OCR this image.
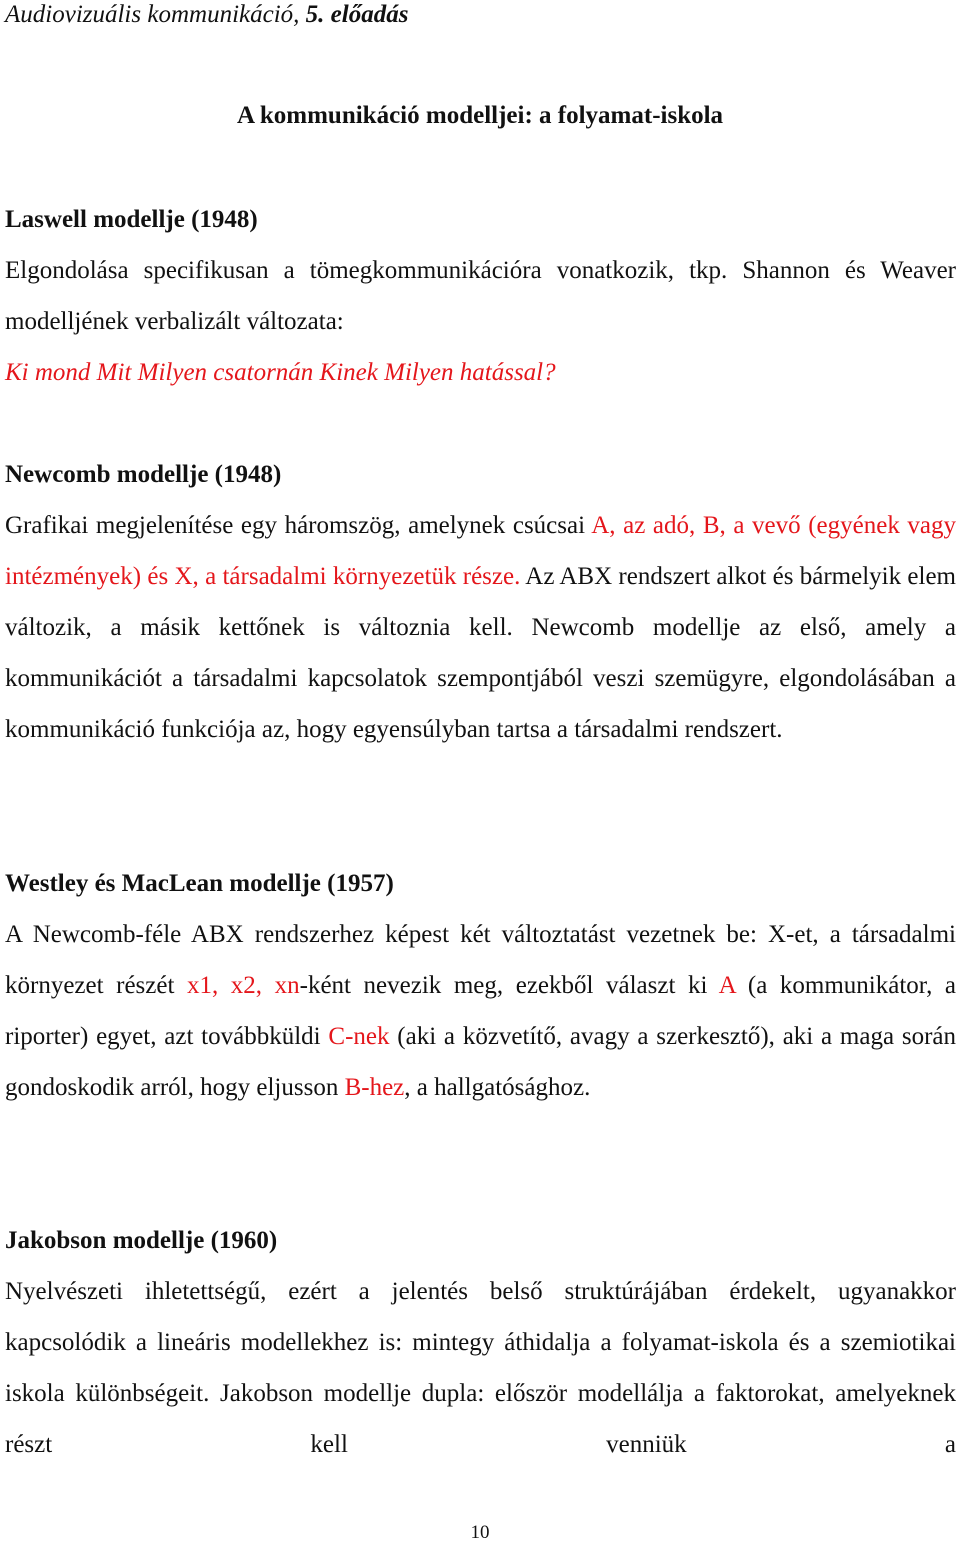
Audiovizuális kommunikáció, 5. előadás
A kommunikáció modelljei: a folyamat-iskola
Laswell modellje (1948)

Elgondolása specifikusan a tömegkommunikációra vonatkozik, tkp. Shannon és Weaver modelljének verbalizált változata:

Ki mond Mit Milyen csatornán Kinek Milyen hatással?

Newcomb modellje (1948)

Grafikai megjelenítése egy háromszög, amelynek csúcsai A, az adó, B, a vevő (egyének vagy intézmények) és X, a társadalmi környezetük része. Az ABX rendszert alkot és bármelyik elem változik, a másik kettőnek is változnia kell. Newcomb modellje az első, amely a kommunikációt a társadalmi kapcsolatok szempontjából veszi szemügyre, elgondolásában a kommunikáció funkciója az, hogy egyensúlyban tartsa a társadalmi rendszert.

Westley és MacLean modellje (1957)

A Newcomb-féle ABX rendszerhez képest két változtatást vezetnek be: X-et, a társadalmi környezet részét x1, x2, xn-ként nevezik meg, ezekből választ ki A (a kommunikátor, a riporter) egyet, azt továbbküldi C-nek (aki a közvetítő, avagy a szerkesztő), aki a maga során gondoskodik arról, hogy eljusson B-hez, a hallgatósághoz.

Jakobson modellje (1960)

Nyelvészeti ihletettségű, ezért a jelentés belső struktúrájában érdekelt, ugyanakkor kapcsolódik a lineáris modellekhez is: mintegy áthidalja a folyamat-iskola és a szemiotikai iskola különbségeit. Jakobson modellje dupla: először modellálja a faktorokat, amelyeknek részt kell venniük a

10
